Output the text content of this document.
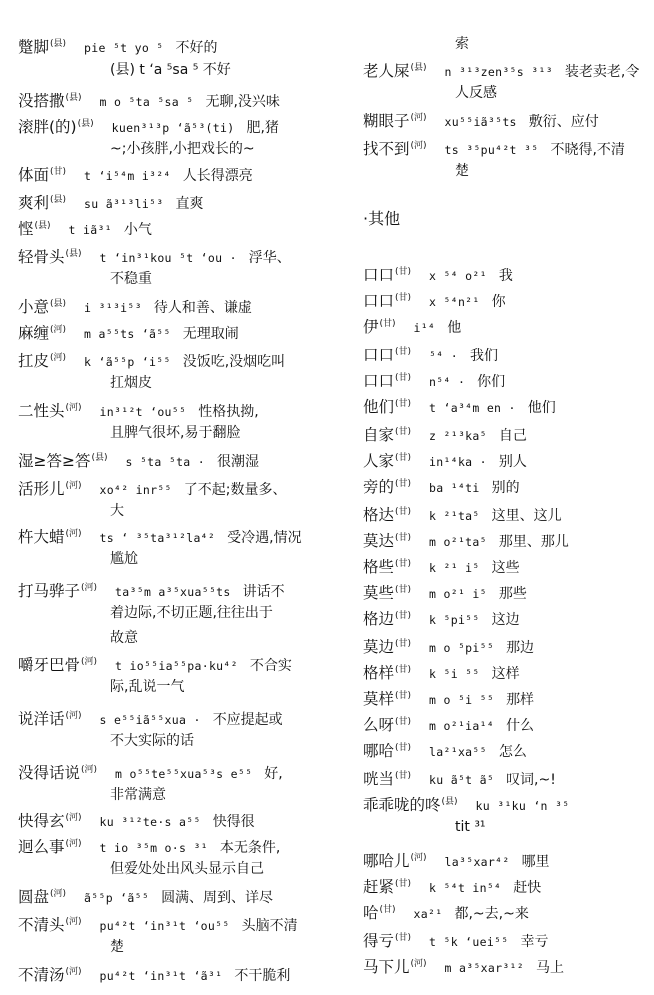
蹩脚$^{(县)}$ pie ⁵t yo ⁵ 不好的
(县) t ‘a ⁵sa ⁵ 不好
没搭撒$^{(县)}$ m o ⁵ta ⁵sa ⁵ 无聊,没兴味
滚胖(的)$^{(县)}$ kuen³¹³p ‘ã⁵³(ti) 肥,猪
~;小孩胖,小把戏长的~
体面$^{(甘)}$ t ‘i⁵⁴m i³²⁴ 人长得漂亮
爽利$^{(县)}$ su ã³¹³li⁵³ 直爽
悭$^{(县)}$ t iã³¹ 小气
轻骨头$^{(县)}$ t ‘in³¹kou ⁵t ‘ou · 浮华、
不稳重
小意$^{(县)}$ i ³¹³i⁵³ 待人和善、谦虚
麻缠$^{(河)}$ m a⁵⁵ts ‘ã⁵⁵ 无理取闹
扛皮$^{(河)}$ k ‘ã⁵⁵p ‘i⁵⁵ 没饭吃,没烟吃叫
扛烟皮
二性头$^{(河)}$ in³¹²t ‘ou⁵⁵ 性格执拗,
且脾气很坏,易于翻脸
湿≥答≥答$^{(县)}$ s ⁵ta ⁵ta · 很潮湿
活形儿$^{(河)}$ xo⁴² inr⁵⁵ 了不起;数量多、
大
杵大蜡$^{(河)}$ ts ‘ ³⁵ta³¹²la⁴² 受冷遇,情况
尴尬
打马骅子$^{(河)}$ ta³⁵m a³⁵xua⁵⁵ts 讲话不
着边际,不切正题,往往出于
故意
嚼牙巴骨$^{(河)}$ t io⁵⁵ia⁵⁵pa·ku⁴² 不合实
际,乱说一气
说洋话$^{(河)}$ s e⁵⁵iã⁵⁵xua · 不应提起或
不大实际的话
没得话说$^{(河)}$ m o⁵⁵te⁵⁵xua⁵³s e⁵⁵ 好,
非常满意
快得玄$^{(河)}$ ku ³¹²te·s a⁵⁵ 快得很
迥么事$^{(河)}$ t io ³⁵m o·s ³¹ 本无条件,
但爱处处出风头显示自己
圆盘$^{(河)}$ ã⁵⁵p ‘ã⁵⁵ 圆满、周到、详尽
不清头$^{(河)}$ pu⁴²t ‘in³¹t ‘ou⁵⁵ 头脑不清
楚
不清汤$^{(河)}$ pu⁴²t ‘in³¹t ‘ã³¹ 不干脆利
·其他
索
老人屎$^{(县)}$ n ³¹³zen³⁵s ³¹³ 装老卖老,令
人反感
糊眼子$^{(河)}$ xu⁵⁵iã³⁵ts 敷衍、应付
找不到$^{(河)}$ ts ³⁵pu⁴²t ³⁵ 不晓得,不清
楚
口口$^{(甘)}$ x ⁵⁴ o²¹ 我
口口$^{(甘)}$ x ⁵⁴n²¹ 你
伊$^{(甘)}$ i¹⁴ 他
口口$^{(甘)}$ ⁵⁴ · 我们
口口$^{(甘)}$ n⁵⁴ · 你们
他们$^{(甘)}$ t ‘a³⁴m en · 他们
自家$^{(甘)}$ z ²¹³ka⁵ 自己
人家$^{(甘)}$ in¹⁴ka · 别人
旁的$^{(甘)}$ ba ¹⁴ti 别的
格达$^{(甘)}$ k ²¹ta⁵ 这里、这儿
莫达$^{(甘)}$ m o²¹ta⁵ 那里、那儿
格些$^{(甘)}$ k ²¹ i⁵ 这些
莫些$^{(甘)}$ m o²¹ i⁵ 那些
格边$^{(甘)}$ k ⁵pi⁵⁵ 这边
莫边$^{(甘)}$ m o ⁵pi⁵⁵ 那边
格样$^{(甘)}$ k ⁵i ⁵⁵ 这样
莫样$^{(甘)}$ m o ⁵i ⁵⁵ 那样
么呀$^{(甘)}$ m o²¹ia¹⁴ 什么
哪哈$^{(甘)}$ la²¹xa⁵⁵ 怎么
咣当$^{(甘)}$ ku ã⁵t ã⁵ 叹词,~!
乖乖咙的咚$^{(县)}$ ku ³¹ku ‘n ³⁵
tit ³¹
哪哈儿$^{(河)}$ la³⁵xar⁴² 哪里
赶紧$^{(甘)}$ k ⁵⁴t in⁵⁴ 赶快
哈$^{(甘)}$ xa²¹ 都,~去,~来
得亏$^{(甘)}$ t ⁵k ‘uei⁵⁵ 幸亏
马下儿$^{(河)}$ m a³⁵xar³¹² 马上
